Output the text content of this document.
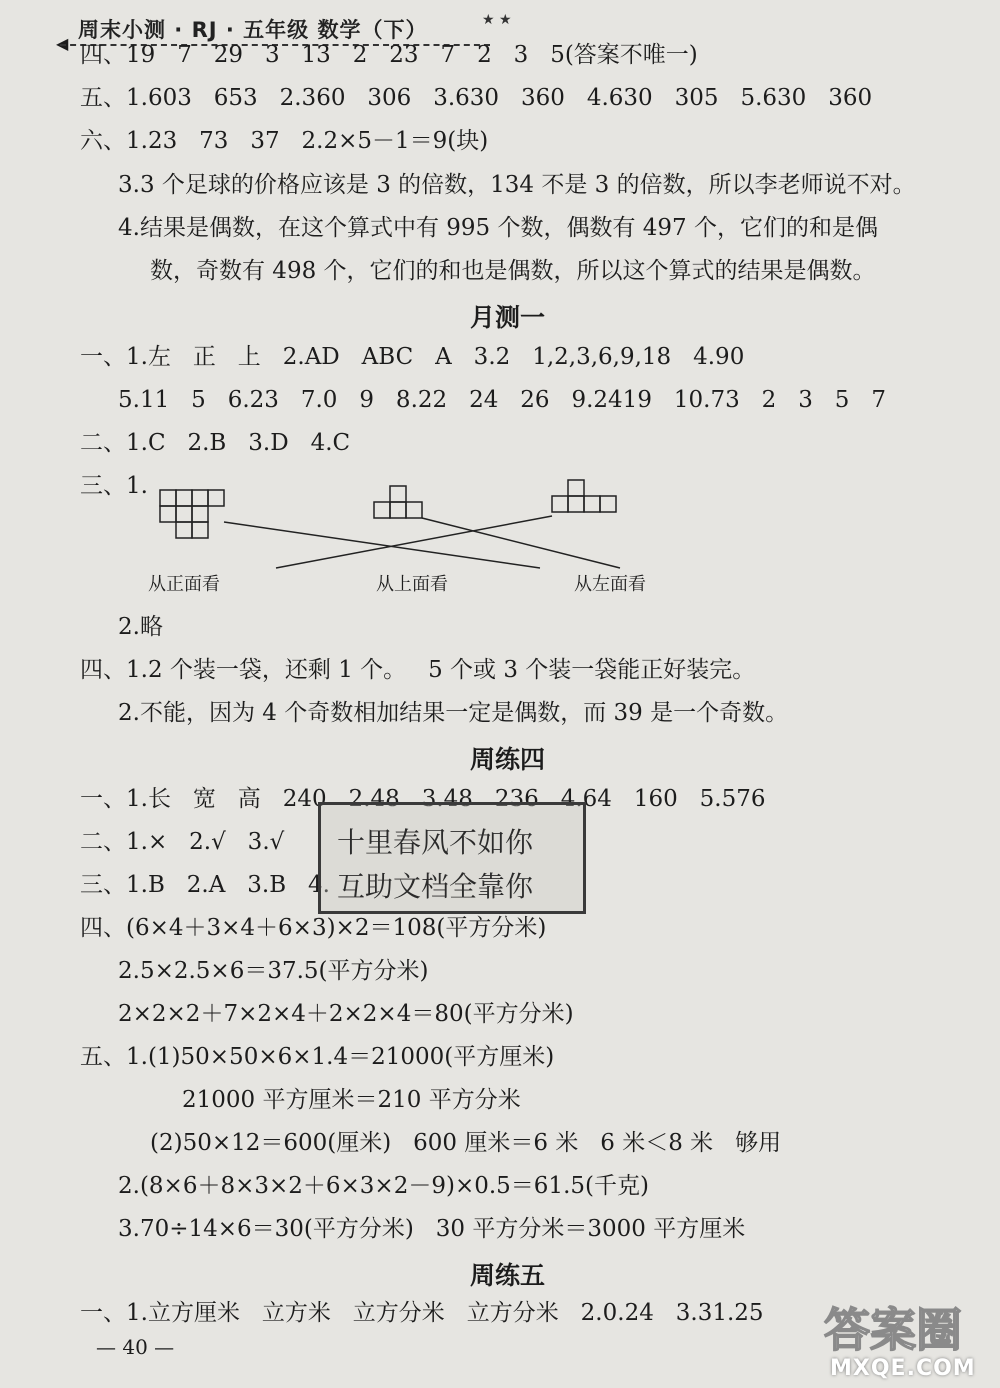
周末小测 · RJ · 五年级 数学（下）	★ ★
◀ 四、19   7   29   3   13   2   23   7   2   3   5(答案不唯一)
五、1.603   653   2.360   306   3.630   360   4.630   305   5.630   360
六、1.23   73   37   2.2×5－1＝9(块)
3.3 个足球的价格应该是 3 的倍数，134 不是 3 的倍数，所以李老师说不对。
4.结果是偶数，在这个算式中有 995 个数，偶数有 497 个，它们的和是偶
数，奇数有 498 个，它们的和也是偶数，所以这个算式的结果是偶数。
月测一
一、1.左   正   上   2.AD   ABC   A   3.2   1,2,3,6,9,18   4.90
5.11   5   6.23   7.0   9   8.22   24   26   9.2419   10.73   2   3   5   7
二、1.C   2.B   3.D   4.C
三、1.
从正面看	从上面看	从左面看
2.略
四、1.2 个装一袋，还剩 1 个。   5 个或 3 个装一袋能正好装完。
2.不能，因为 4 个奇数相加结果一定是偶数，而 39 是一个奇数。
周练四
一、1.长   宽   高   240   2.48   3.48   236   4.64   160   5.576
二、1.×   2.√   3.√
三、1.B   2.A   3.B   4.
四、(6×4＋3×4＋6×3)×2＝108(平方分米)
2.5×2.5×6＝37.5(平方分米)
2×2×2＋7×2×4＋2×2×4＝80(平方分米)
五、1.(1)50×50×6×1.4＝21000(平方厘米)
21000 平方厘米＝210 平方分米
(2)50×12＝600(厘米)   600 厘米＝6 米   6 米＜8 米   够用
2.(8×6＋8×3×2＋6×3×2－9)×0.5＝61.5(千克)
3.70÷14×6＝30(平方分米)   30 平方分米＝3000 平方厘米
十里春风不如你
互助文档全靠你
周练五
一、1.立方厘米   立方米   立方分米   立方分米   2.0.24   3.31.25
— 40 —	答案圈
MXQE.COM
